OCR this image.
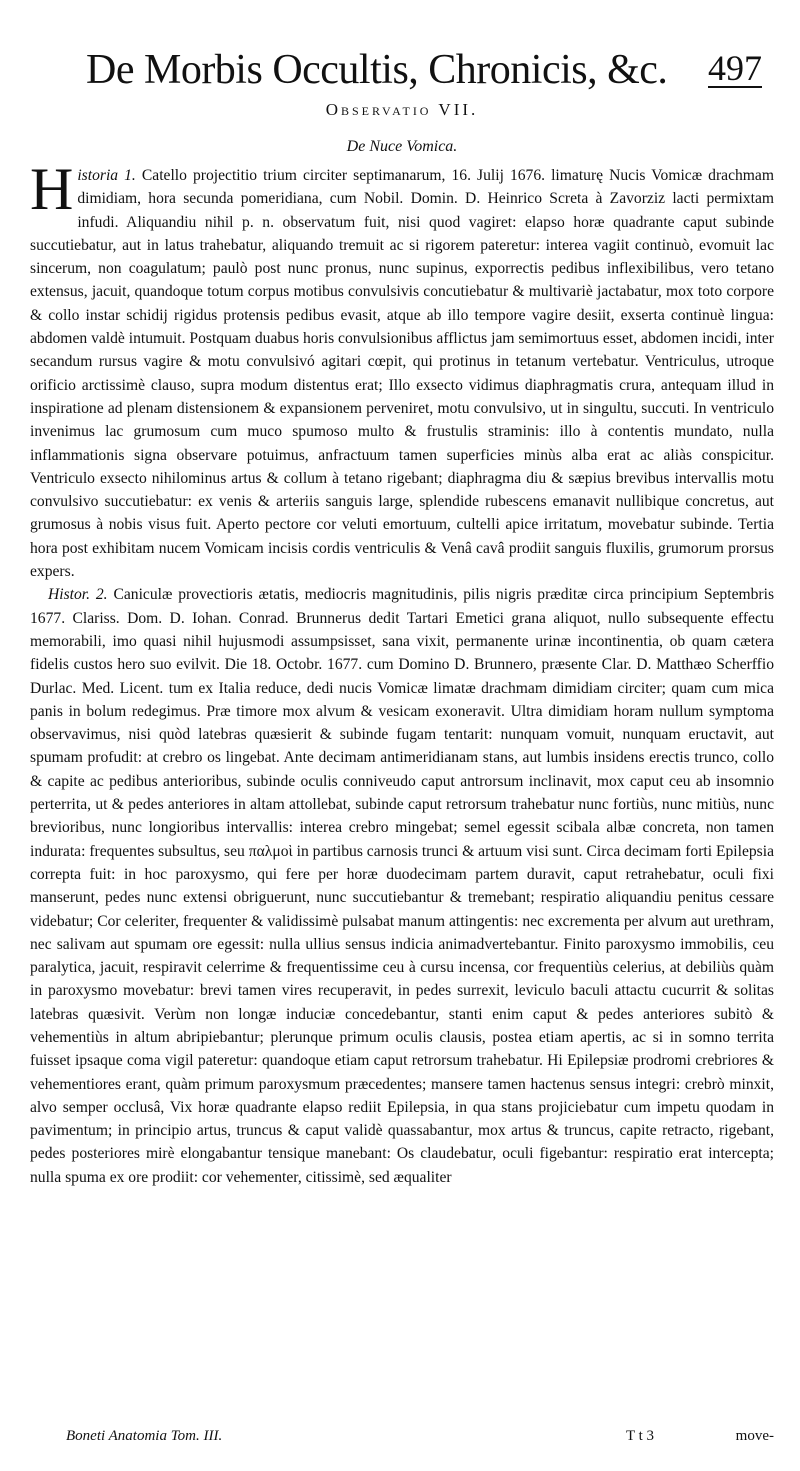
De Morbis Occultis, Chronicis, &c. 497
Observatio VII.
De Nuce Vomica.

Historia 1. Catello projectitio trium circiter septimanarum, 16. Julij 1676. limaturę Nucis Vomicæ drachmam dimidiam, hora secunda pomeridiana, cum Nobil. Domin. D. Heinrico Screta à Zavorziz lacti permixtam infudi. Aliquandiu nihil p. n. observatum fuit, nisi quod vagiret: elapso horæ quadrante caput subinde succutiebatur, aut in latus trahebatur, aliquando tremuit ac si rigorem pateretur: interea vagiit continuò, evomuit lac sincerum, non coagulatum; paulò post nunc pronus, nunc supinus, exporrectis pedibus inflexibilibus, vero tetano extensus, jacuit, quandoque totum corpus motibus convulsivis concutiebatur & multivariè jactabatur, mox toto corpore & collo instar schidij rigidus protensis pedibus evasit, atque ab illo tempore vagire desiit, exserta continuè lingua: abdomen valdè intumuit. Postquam duabus horis convulsionibus afflictus jam semimortuus esset, abdomen incidi, inter secandum rursus vagire & motu convulsivó agitari cœpit, qui protinus in tetanum vertebatur. Ventriculus, utroque orificio arctissimè clauso, supra modum distentus erat; Illo exsecto vidimus diaphragmatis crura, antequam illud in inspiratione ad plenam distensionem & expansionem perveniret, motu convulsivo, ut in singultu, succuti. In ventriculo invenimus lac grumosum cum muco spumoso multo & frustulis straminis: illo à contentis mundato, nulla inflammationis signa observare potuimus, anfractuum tamen superficies minùs alba erat ac aliàs conspicitur. Ventriculo exsecto nihilominus artus & collum à tetano rigebant; diaphragma diu & sæpius brevibus intervallis motu convulsivo succutiebatur: ex venis & arteriis sanguis large, splendide rubescens emanavit nullibique concretus, aut grumosus à nobis visus fuit. Aperto pectore cor veluti emortuum, cultelli apice irritatum, movebatur subinde. Tertia hora post exhibitam nucem Vomicam incisis cordis ventriculis & Venâ cavâ prodiit sanguis fluxilis, grumorum prorsus expers.

Histor. 2. Caniculæ provectioris ætatis, mediocris magnitudinis, pilis nigris præditæ circa principium Septembris 1677. Clariss. Dom. D. Iohan. Conrad. Brunnerus dedit Tartari Emetici grana aliquot, nullo subsequente effectu memorabili, imo quasi nihil hujusmodi assumpsisset, sana vixit, permanente urinæ incontinentia, ob quam cætera fidelis custos hero suo evilvit. Die 18. Octobr. 1677. cum Domino D. Brunnero, præsente Clar. D. Matthæo Scherffio Durlac. Med. Licent. tum ex Italia reduce, dedi nucis Vomicæ limatæ drachmam dimidiam circiter; quam cum mica panis in bolum redegimus. Præ timore mox alvum & vesicam exoneravit. Ultra dimidiam horam nullum symptoma observavimus, nisi quòd latebras quæsierit & subinde fugam tentarit: nunquam vomuit, nunquam eructavit, aut spumam profudit: at crebro os lingebat. Ante decimam antimeridianam stans, aut lumbis insidens erectis trunco, collo & capite ac pedibus anterioribus, subinde oculis conniveudo caput antrorsum inclinavit, mox caput ceu ab insomnio perterrita, ut & pedes anteriores in altam attollebat, subinde caput retrorsum trahebatur nunc fortiùs, nunc mitiùs, nunc brevioribus, nunc longioribus intervallis: interea crebro mingebat; semel egessit scibala albæ concreta, non tamen indurata: frequentes subsultus, seu παλμοὶ in partibus carnosis trunci & artuum visi sunt. Circa decimam forti Epilepsia correpta fuit: in hoc paroxysmo, qui fere per horæ duodecimam partem duravit, caput retrahebatur, oculi fixi manserunt, pedes nunc extensi obriguerunt, nunc succutiebantur & tremebant; respiratio aliquandiu penitus cessare videbatur; Cor celeriter, frequenter & validissimè pulsabat manum attingentis: nec excrementa per alvum aut urethram, nec salivam aut spumam ore egessit: nulla ullius sensus indicia animadvertebantur. Finito paroxysmo immobilis, ceu paralytica, jacuit, respiravit celerrime & frequentissime ceu à cursu incensa, cor frequentiùs celerius, at debiliùs quàm in paroxysmo movebatur: brevi tamen vires recuperavit, in pedes surrexit, leviculo baculi attactu cucurrit & solitas latebras quæsivit. Verùm non longæ induciæ concedebantur, stanti enim caput & pedes anteriores subitò & vehementiùs in altum abripiebantur; plerunque primum oculis clausis, postea etiam apertis, ac si in somno territa fuisset ipsaque coma vigil pateretur: quandoque etiam caput retrorsum trahebatur. Hi Epilepsiæ prodromi crebriores & vehementiores erant, quàm primum paroxysmum præcedentes; mansere tamen hactenus sensus integri: crebrò minxit, alvo semper occlusâ, Vix horæ quadrante elapso rediit Epilepsia, in qua stans projiciebatur cum impetu quodam in pavimentum; in principio artus, truncus & caput validè quassabantur, mox artus & truncus, capite retracto, rigebant, pedes posteriores mirè elongabantur tensique manebant: Os claudebatur, oculi figebantur: respiratio erat intercepta; nulla spuma ex ore prodiit: cor vehementer, citissimè, sed æqualiter

Boneti Anatomia Tom. III.	T t 3	move-
